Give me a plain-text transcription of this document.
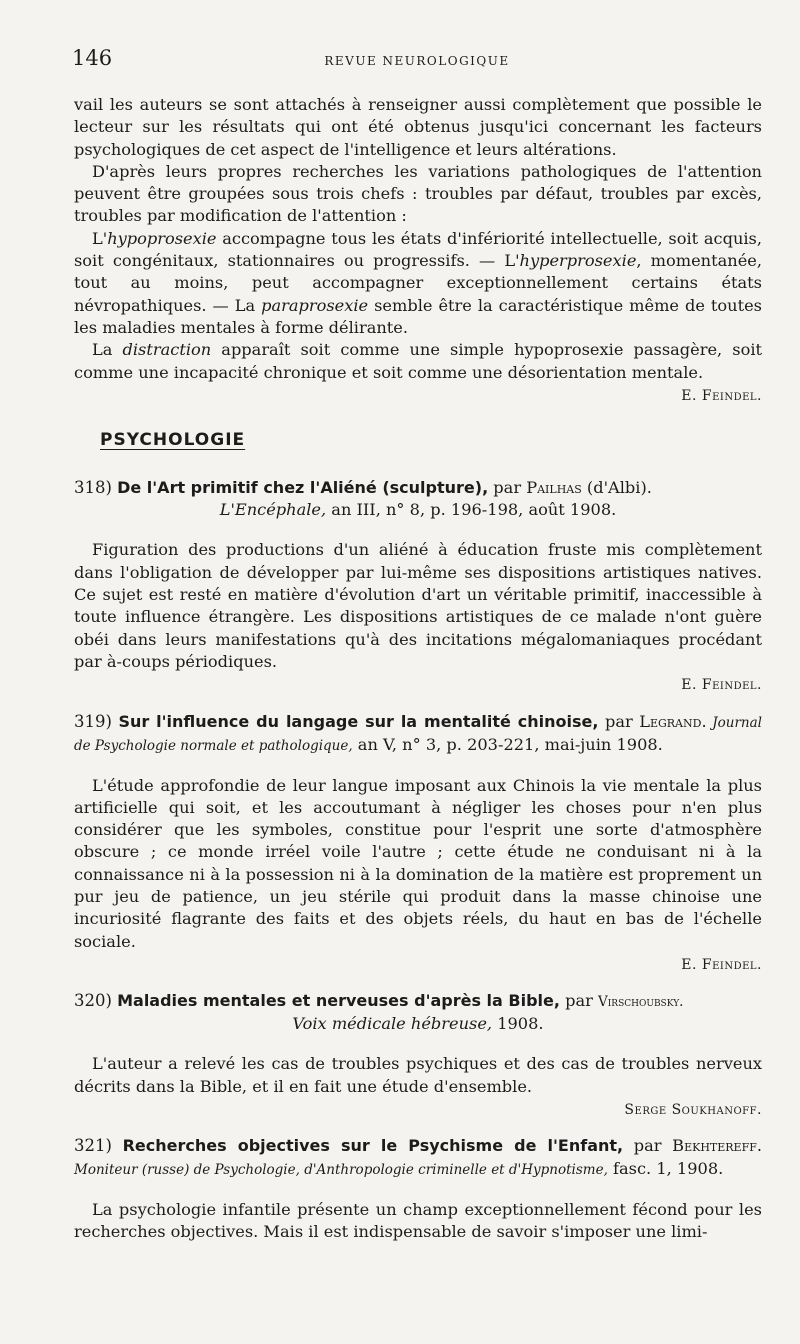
146	REVUE NEUROLOGIQUE

vail les auteurs se sont attachés à renseigner aussi complètement que possible le lecteur sur les résultats qui ont été obtenus jusqu'ici concernant les facteurs psychologiques de cet aspect de l'intelligence et leurs altérations.

D'après leurs propres recherches les variations pathologiques de l'attention peuvent être groupées sous trois chefs : troubles par défaut, troubles par excès, troubles par modification de l'attention :

L'hypoprosexie accompagne tous les états d'infériorité intellectuelle, soit acquis, soit congénitaux, stationnaires ou progressifs. — L'hyperprosexie, momentanée, tout au moins, peut accompagner exceptionnellement certains états névropathiques. — La paraprosexie semble être la caractéristique même de toutes les maladies mentales à forme délirante.

La distraction apparaît soit comme une simple hypoprosexie passagère, soit comme une incapacité chronique et soit comme une désorientation mentale.

E. Feindel.

PSYCHOLOGIE

318) De l'Art primitif chez l'Aliéné (sculpture), par Pailhas (d'Albi).
L'Encéphale, an III, n° 8, p. 196-198, août 1908.

Figuration des productions d'un aliéné à éducation fruste mis complètement dans l'obligation de développer par lui-même ses dispositions artistiques natives. Ce sujet est resté en matière d'évolution d'art un véritable primitif, inaccessible à toute influence étrangère. Les dispositions artistiques de ce malade n'ont guère obéi dans leurs manifestations qu'à des incitations mégalomaniaques procédant par à-coups périodiques.

E. Feindel.

319) Sur l'influence du langage sur la mentalité chinoise, par Legrand. Journal de Psychologie normale et pathologique, an V, n° 3, p. 203-221, mai-juin 1908.

L'étude approfondie de leur langue imposant aux Chinois la vie mentale la plus artificielle qui soit, et les accoutumant à négliger les choses pour n'en plus considérer que les symboles, constitue pour l'esprit une sorte d'atmosphère obscure ; ce monde irréel voile l'autre ; cette étude ne conduisant ni à la connaissance ni à la possession ni à la domination de la matière est proprement un pur jeu de patience, un jeu stérile qui produit dans la masse chinoise une incuriosité flagrante des faits et des objets réels, du haut en bas de l'échelle sociale.

E. Feindel.

320) Maladies mentales et nerveuses d'après la Bible, par Virschoubsky.
Voix médicale hébreuse, 1908.

L'auteur a relevé les cas de troubles psychiques et des cas de troubles nerveux décrits dans la Bible, et il en fait une étude d'ensemble.

Serge Soukhanoff.

321) Recherches objectives sur le Psychisme de l'Enfant, par Bekhtereff. Moniteur (russe) de Psychologie, d'Anthropologie criminelle et d'Hypnotisme, fasc. 1, 1908.

La psychologie infantile présente un champ exceptionnellement fécond pour les recherches objectives. Mais il est indispensable de savoir s'imposer une limi-
